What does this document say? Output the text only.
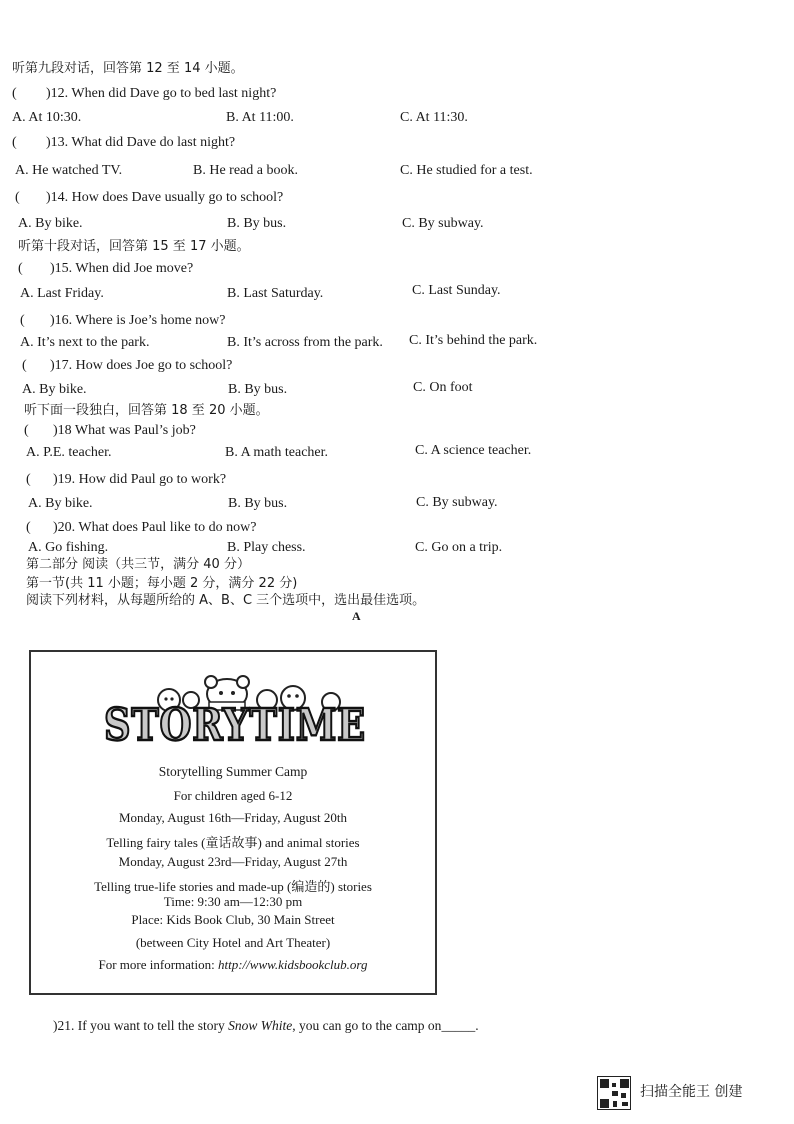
听第九段对话，回答第 12 至 14 小题。
( )12. When did Dave go to bed last night?
A. At 10:30.	B. At 11:00.	C. At 11:30.
( )13. What did Dave do last night?
A. He watched TV.	B. He read a book.	C. He studied for a test.
( )14. How does Dave usually go to school?
A. By bike.	B. By bus.	C. By subway.
听第十段对话，回答第 15 至 17 小题。
( )15. When did Joe move?
A. Last Friday.	B. Last Saturday.	C. Last Sunday.
( )16. Where is Joe’s home now?
A. It’s next to the park.	B. It’s across from the park. C. It’s behind the park.
( )17. How does Joe go to school?
A. By bike.	B. By bus.	C. On foot
听下面一段独白，回答第 18 至 20 小题。
( )18 What was Paul’s job?
A. P.E. teacher.	B. A math teacher.	C. A science teacher.
( )19. How did Paul go to work?
A. By bike.	B. By bus.	C. By subway.
( )20. What does Paul like to do now?
A. Go fishing.	B. Play chess.	C. Go on a trip.
第二部分 阅读（共三节，满分 40 分）
第一节(共 11 小题；每小题 2 分，满分 22 分)
阅读下列材料，从每题所给的 A、B、C 三个选项中，选出最佳选项。
A
STORYTIME
Storytelling Summer Camp
For children aged 6-12
Monday, August 16th—Friday, August 20th
Telling fairy tales (童话故事) and animal stories
Monday, August 23rd—Friday, August 27th
Telling true-life stories and made-up (编造的) stories
Time: 9:30 am—12:30 pm
Place: Kids Book Club, 30 Main Street
(between City Hotel and Art Theater)
For more information: http://www.kidsbookclub.org
)21. If you want to tell the story Snow White, you can go to the camp on_____.
扫描全能王 创建
